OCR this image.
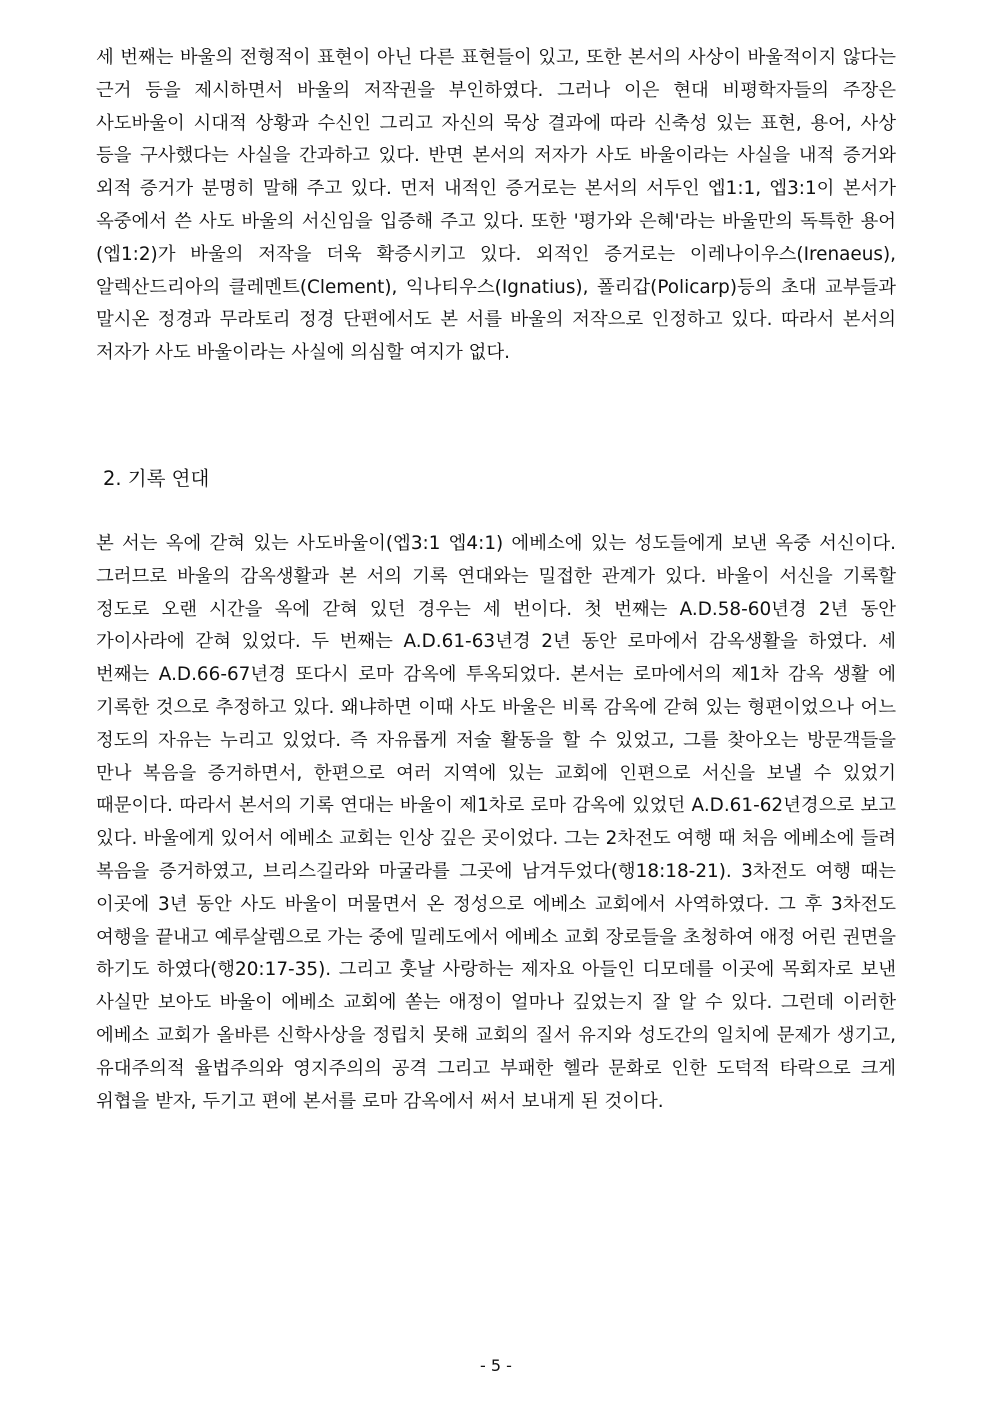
세 번째는 바울의 전형적이 표현이 아닌 다른 표현들이 있고, 또한 본서의 사상이 바울적이지 않다는 근거 등을 제시하면서 바울의 저작권을 부인하였다. 그러나 이은 현대 비평학자들의 주장은 사도바울이 시대적 상황과 수신인 그리고 자신의 묵상 결과에 따라 신축성 있는 표현, 용어, 사상 등을 구사했다는 사실을 간과하고 있다. 반면 본서의 저자가 사도 바울이라는 사실을 내적 증거와 외적 증거가 분명히 말해 주고 있다. 먼저 내적인 증거로는 본서의 서두인 엡1:1, 엡3:1이 본서가 옥중에서 쓴 사도 바울의 서신임을 입증해 주고 있다. 또한 '평가와 은혜'라는 바울만의 독특한 용어(엡1:2)가 바울의 저작을 더욱 확증시키고 있다. 외적인 증거로는 이레나이우스(Irenaeus), 알렉산드리아의 클레멘트(Clement), 익나티우스(Ignatius), 폴리갑(Policarp)등의 초대 교부들과 말시온 정경과 무라토리 정경 단편에서도 본 서를 바울의 저작으로 인정하고 있다. 따라서 본서의 저자가 사도 바울이라는 사실에 의심할 여지가 없다.

2. 기록 연대

본 서는 옥에 갇혀 있는 사도바울이(엡3:1 엡4:1) 에베소에 있는 성도들에게 보낸 옥중 서신이다. 그러므로 바울의 감옥생활과 본 서의 기록 연대와는 밀접한 관계가 있다. 바울이 서신을 기록할 정도로 오랜 시간을 옥에 갇혀 있던 경우는 세 번이다. 첫 번째는 A.D.58-60년경 2년 동안 가이사라에 갇혀 있었다. 두 번째는 A.D.61-63년경 2년 동안 로마에서 감옥생활을 하였다. 세 번째는 A.D.66-67년경 또다시 로마 감옥에 투옥되었다. 본서는 로마에서의 제1차 감옥 생활 에 기록한 것으로 추정하고 있다. 왜냐하면 이때 사도 바울은 비록 감옥에 갇혀 있는 형편이었으나 어느 정도의 자유는 누리고 있었다. 즉 자유롭게 저술 활동을 할 수 있었고, 그를 찾아오는 방문객들을 만나 복음을 증거하면서, 한편으로 여러 지역에 있는 교회에 인편으로 서신을 보낼 수 있었기 때문이다. 따라서 본서의 기록 연대는 바울이 제1차로 로마 감옥에 있었던 A.D.61-62년경으로 보고 있다. 바울에게 있어서 에베소 교회는 인상 깊은 곳이었다. 그는 2차전도 여행 때 처음 에베소에 들려 복음을 증거하였고, 브리스길라와 마굴라를 그곳에 남겨두었다(행18:18-21). 3차전도 여행 때는 이곳에 3년 동안 사도 바울이 머물면서 온 정성으로 에베소 교회에서 사역하였다. 그 후 3차전도 여행을 끝내고 예루살렘으로 가는 중에 밀레도에서 에베소 교회 장로들을 초청하여 애정 어린 권면을 하기도 하였다(행20:17-35). 그리고 훗날 사랑하는 제자요 아들인 디모데를 이곳에 목회자로 보낸 사실만 보아도 바울이 에베소 교회에 쏟는 애정이 얼마나 깊었는지 잘 알 수 있다. 그런데 이러한 에베소 교회가 올바른 신학사상을 정립치 못해 교회의 질서 유지와 성도간의 일치에 문제가 생기고, 유대주의적 율법주의와 영지주의의 공격 그리고 부패한 헬라 문화로 인한 도덕적 타락으로 크게 위협을 받자, 두기고 편에 본서를 로마 감옥에서 써서 보내게 된 것이다.

- 5 -
